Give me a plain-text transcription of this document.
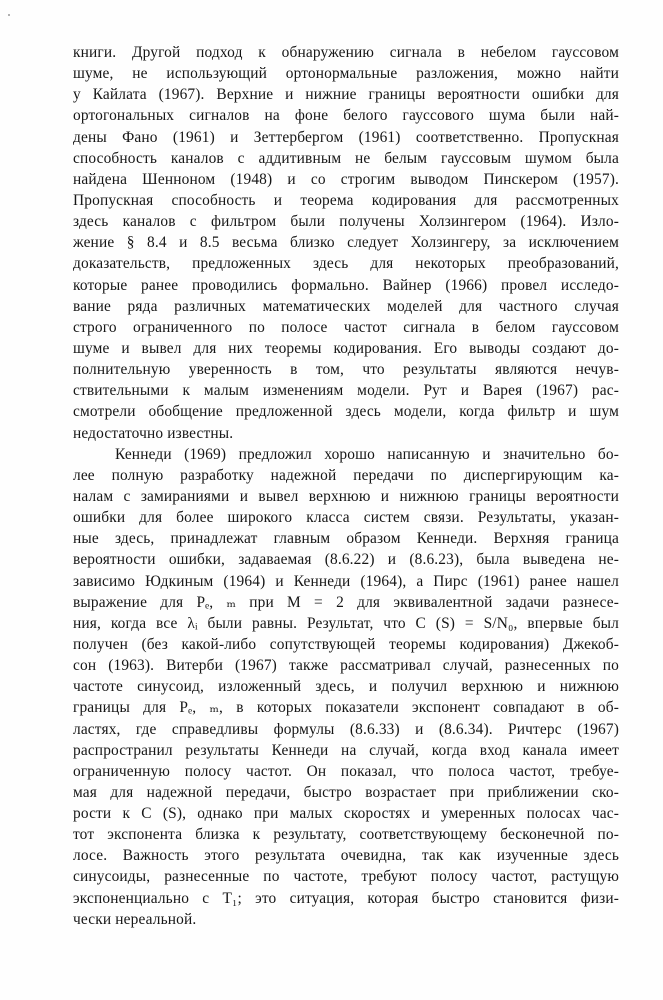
книги. Другой подход к обнаружению сигнала в небелом гауссовом
шуме, не использующий ортонормальные разложения, можно найти
у Кайлата (1967). Верхние и нижние границы вероятности ошибки для
ортогональных сигналов на фоне белого гауссового шума были най-
дены Фано (1961) и Зеттербергом (1961) соответственно. Пропускная
способность каналов с аддитивным не белым гауссовым шумом была
найдена Шенноном (1948) и со строгим выводом Пинскером (1957).
Пропускная способность и теорема кодирования для рассмотренных
здесь каналов с фильтром были получены Холзингером (1964). Изло-
жение § 8.4 и 8.5 весьма близко следует Холзингеру, за исключением
доказательств, предложенных здесь для некоторых преобразований,
которые ранее проводились формально. Вайнер (1966) провел исследо-
вание ряда различных математических моделей для частного случая
строго ограниченного по полосе частот сигнала в белом гауссовом
шуме и вывел для них теоремы кодирования. Его выводы создают до-
полнительную уверенность в том, что результаты являются нечув-
ствительными к малым изменениям модели. Рут и Варея (1967) рас-
смотрели обобщение предложенной здесь модели, когда фильтр и шум
недостаточно известны.
Кеннеди (1969) предложил хорошо написанную и значительно бо-
лее полную разработку надежной передачи по диспергирующим ка-
налам с замираниями и вывел верхнюю и нижнюю границы вероятности
ошибки для более широкого класса систем связи. Результаты, указан-
ные здесь, принадлежат главным образом Кеннеди. Верхняя граница
вероятности ошибки, задаваемая (8.6.22) и (8.6.23), была выведена не-
зависимо Юдкиным (1964) и Кеннеди (1964), а Пирс (1961) ранее нашел
выражение для Pₑ, ₘ при M = 2 для эквивалентной задачи разнесе-
ния, когда все λᵢ были равны. Результат, что C (S) = S/N₀, впервые был
получен (без какой-либо сопутствующей теоремы кодирования) Джекоб-
сон (1963). Витерби (1967) также рассматривал случай, разнесенных по
частоте синусоид, изложенный здесь, и получил верхнюю и нижнюю
границы для Pₑ, ₘ, в которых показатели экспонент совпадают в об-
ластях, где справедливы формулы (8.6.33) и (8.6.34). Ричтерс (1967)
распространил результаты Кеннеди на случай, когда вход канала имеет
ограниченную полосу частот. Он показал, что полоса частот, требуе-
мая для надежной передачи, быстро возрастает при приближении ско-
рости к C (S), однако при малых скоростях и умеренных полосах час-
тот экспонента близка к результату, соответствующему бесконечной по-
лосе. Важность этого результата очевидна, так как изученные здесь
синусоиды, разнесенные по частоте, требуют полосу частот, растущую
экспоненциально с T₁; это ситуация, которая быстро становится физи-
чески нереальной.
